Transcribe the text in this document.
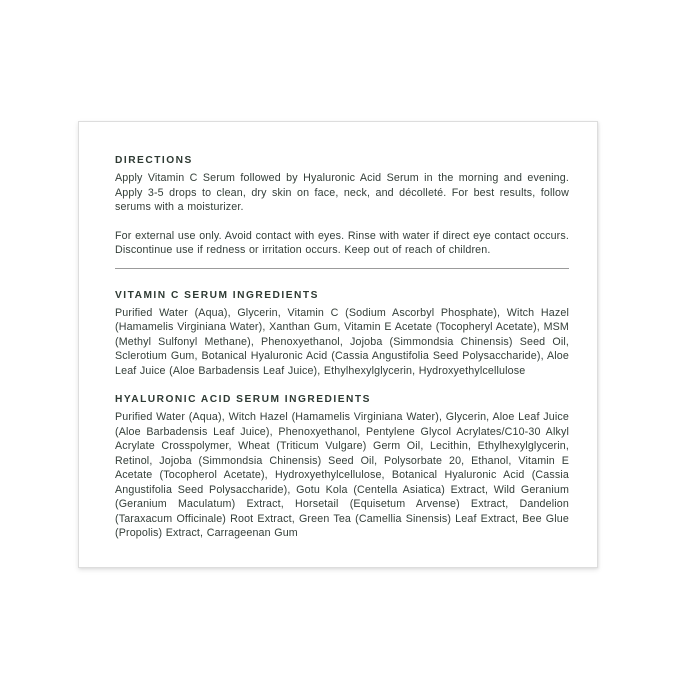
DIRECTIONS

Apply Vitamin C Serum followed by Hyaluronic Acid Serum in the morning and evening. Apply 3-5 drops to clean, dry skin on face, neck, and décolleté. For best results, follow serums with a moisturizer.

For external use only. Avoid contact with eyes. Rinse with water if direct eye contact occurs. Discontinue use if redness or irritation occurs. Keep out of reach of children.

VITAMIN C SERUM INGREDIENTS

Purified Water (Aqua), Glycerin, Vitamin C (Sodium Ascorbyl Phosphate), Witch Hazel (Hamamelis Virginiana Water), Xanthan Gum, Vitamin E Acetate (Tocopheryl Acetate), MSM (Methyl Sulfonyl Methane), Phenoxyethanol, Jojoba (Simmondsia Chinensis) Seed Oil, Sclerotium Gum, Botanical Hyaluronic Acid (Cassia Angustifolia Seed Polysaccharide), Aloe Leaf Juice (Aloe Barbadensis Leaf Juice), Ethylhexylglycerin, Hydroxyethylcellulose

HYALURONIC ACID SERUM INGREDIENTS

Purified Water (Aqua), Witch Hazel (Hamamelis Virginiana Water), Glycerin, Aloe Leaf Juice (Aloe Barbadensis Leaf Juice), Phenoxyethanol, Pentylene Glycol Acrylates/C10-30 Alkyl Acrylate Crosspolymer, Wheat (Triticum Vulgare) Germ Oil, Lecithin, Ethylhexylglycerin, Retinol, Jojoba (Simmondsia Chinensis) Seed Oil, Polysorbate 20, Ethanol, Vitamin E Acetate (Tocopherol Acetate), Hydroxyethylcellulose, Botanical Hyaluronic Acid (Cassia Angustifolia Seed Polysaccharide), Gotu Kola (Centella Asiatica) Extract, Wild Geranium (Geranium Maculatum) Extract, Horsetail (Equisetum Arvense) Extract, Dandelion (Taraxacum Officinale) Root Extract, Green Tea (Camellia Sinensis) Leaf Extract, Bee Glue (Propolis) Extract, Carrageenan Gum
